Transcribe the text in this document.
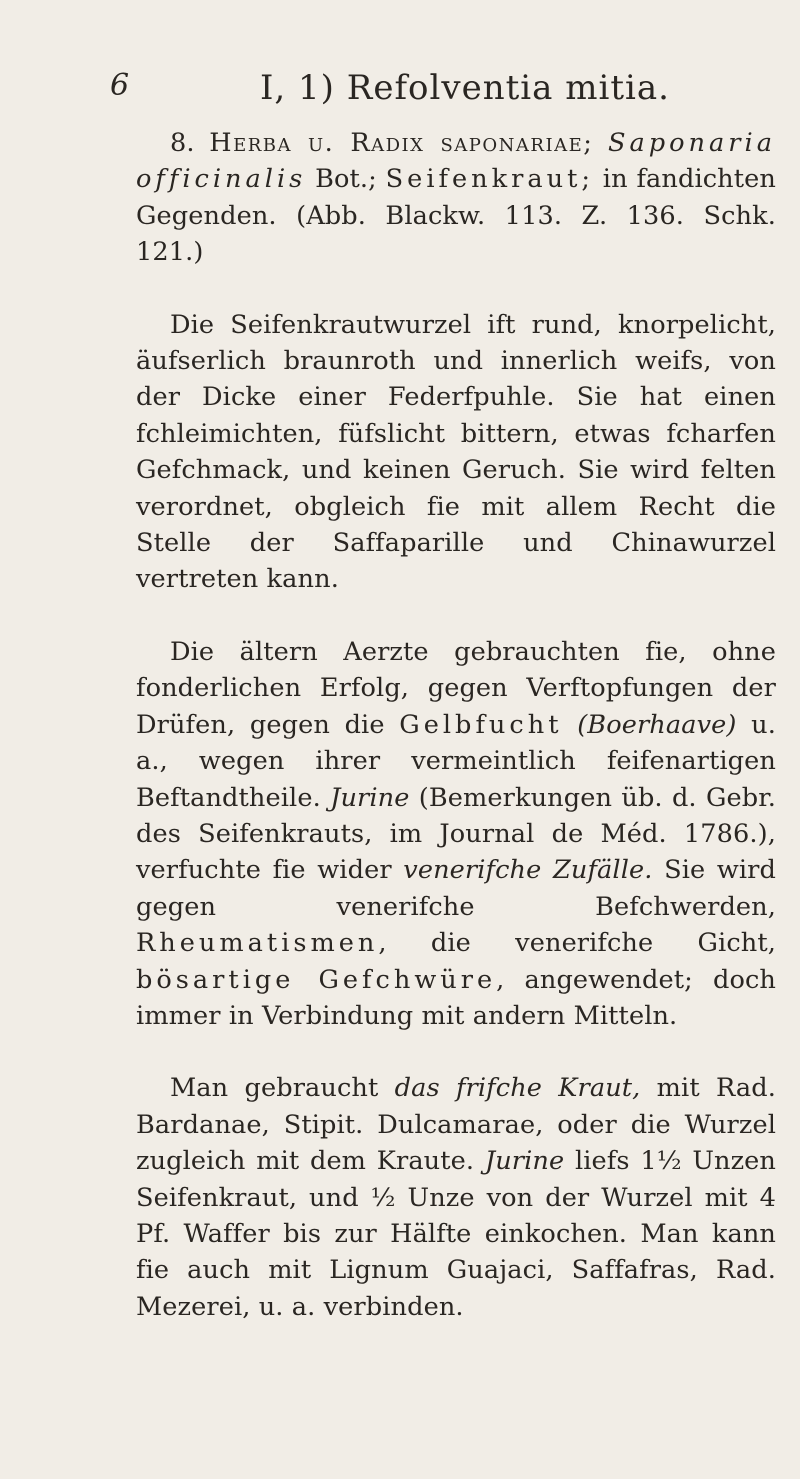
6	I, 1) Refolventia mitia.

8. Herba u. Radix saponariae; Saponaria officinalis Bot.; Seifenkraut; in fandichten Gegenden. (Abb. Blackw. 113. Z. 136. Schk. 121.)

Die Seifenkrautwurzel ift rund, knorpelicht, äufserlich braunroth und innerlich weifs, von der Dicke einer Federfpuhle. Sie hat einen fchleimichten, füfslicht bittern, etwas fcharfen Gefchmack, und keinen Geruch. Sie wird felten verordnet, obgleich fie mit allem Recht die Stelle der Saffaparille und Chinawurzel vertreten kann.

Die ältern Aerzte gebrauchten fie, ohne fonderlichen Erfolg, gegen Verftopfungen der Drüfen, gegen die Gelbfucht (Boerhaave) u. a., wegen ihrer vermeintlich feifenartigen Beftandtheile. Jurine (Bemerkungen üb. d. Gebr. des Seifenkrauts, im Journal de Méd. 1786.), verfuchte fie wider venerifche Zufälle. Sie wird gegen venerifche Befchwerden, Rheumatismen, die venerifche Gicht, bösartige Gefchwüre, angewendet; doch immer in Verbindung mit andern Mitteln.

Man gebraucht das frifche Kraut, mit Rad. Bardanae, Stipit. Dulcamarae, oder die Wurzel zugleich mit dem Kraute. Jurine liefs 1½ Unzen Seifenkraut, und ½ Unze von der Wurzel mit 4 Pf. Waffer bis zur Hälfte einkochen. Man kann fie auch mit Lignum Guajaci, Saffafras, Rad. Mezerei, u. a. verbinden.
